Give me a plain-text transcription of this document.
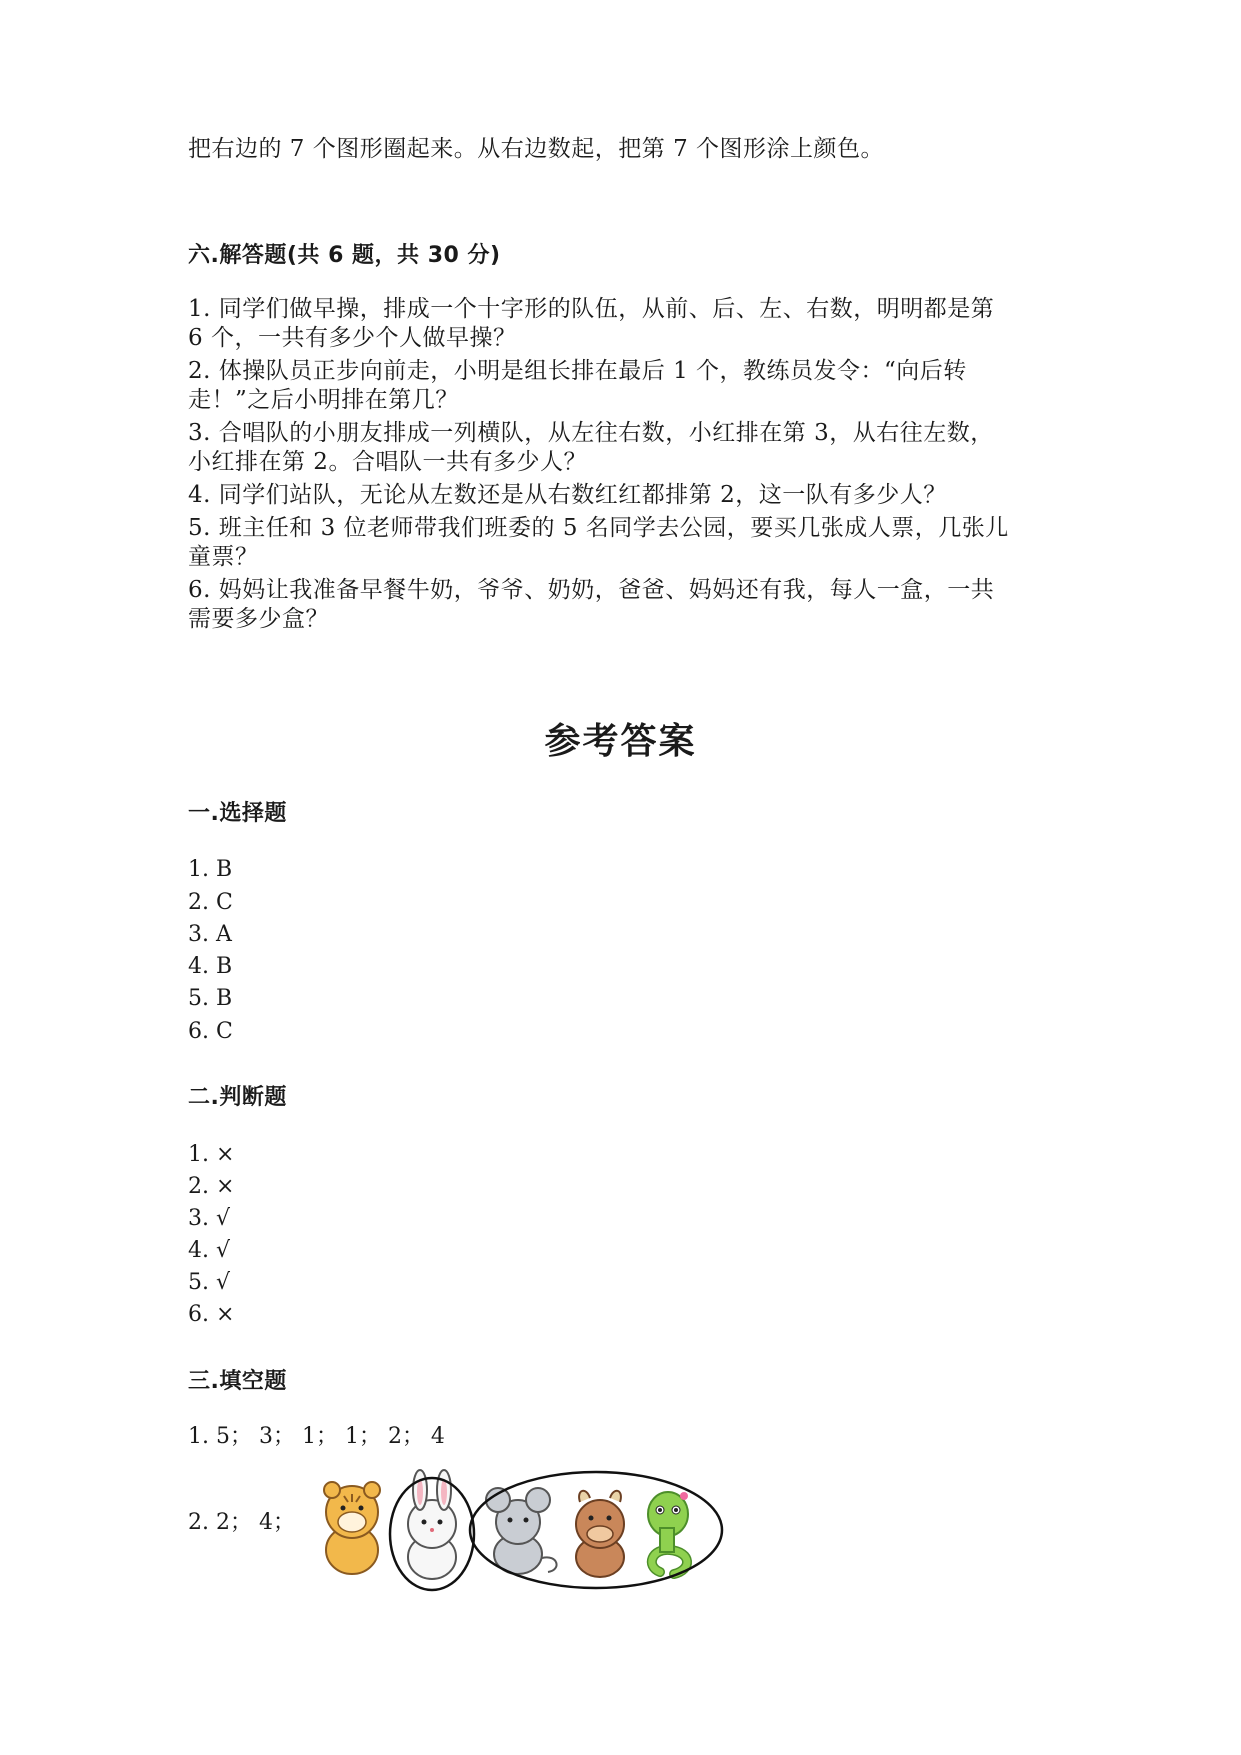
把右边的 7 个图形圈起来。从右边数起，把第 7 个图形涂上颜色。
六.解答题(共 6 题，共 30 分)
1. 同学们做早操，排成一个十字形的队伍，从前、后、左、右数，明明都是第
6 个，一共有多少个人做早操？
2. 体操队员正步向前走，小明是组长排在最后 1 个，教练员发令：“向后转
走！”之后小明排在第几？
3. 合唱队的小朋友排成一列横队，从左往右数，小红排在第 3，从右往左数，
小红排在第 2。合唱队一共有多少人？
4. 同学们站队，无论从左数还是从右数红红都排第 2，这一队有多少人？
5. 班主任和 3 位老师带我们班委的 5 名同学去公园，要买几张成人票，几张儿
童票？
6. 妈妈让我准备早餐牛奶，爷爷、奶奶，爸爸、妈妈还有我，每人一盒，一共
需要多少盒？
参考答案
一.选择题
1. B
2. C
3. A
4. B
5. B
6. C
二.判断题
1. ×
2. ×
3. √
4. √
5. √
6. ×
三.填空题
1. 5； 3； 1； 1； 2； 4
2. 2； 4；
